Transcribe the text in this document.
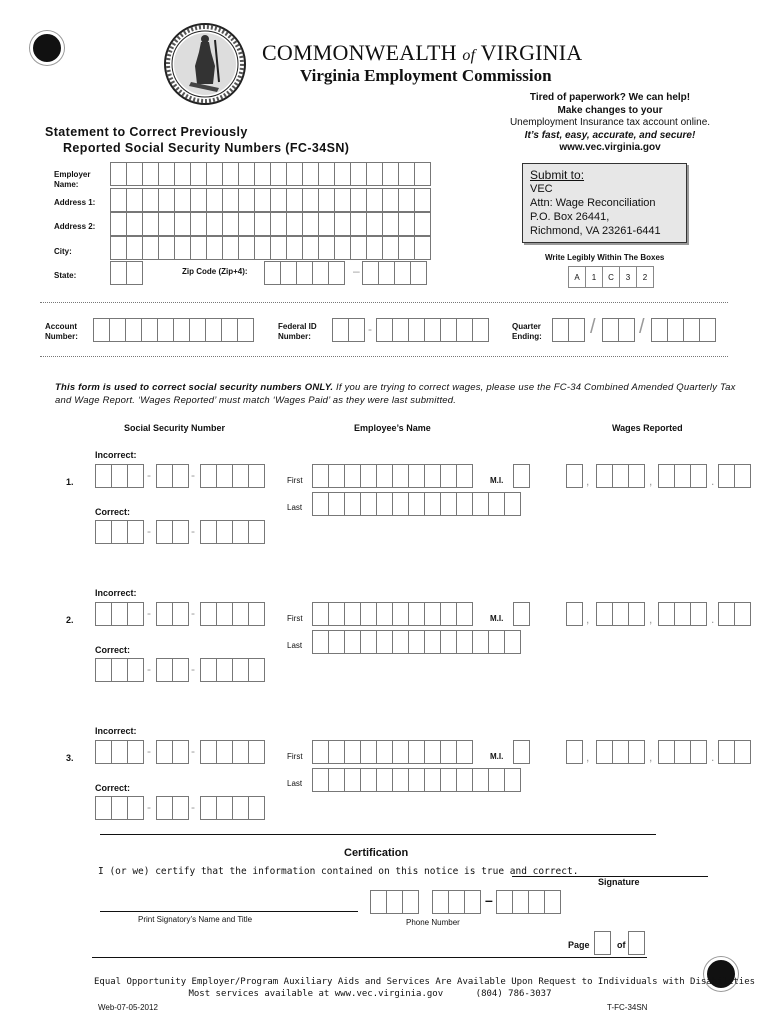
COMMONWEALTH of VIRGINIA
Virginia Employment Commission
Tired of paperwork? We can help!
Make changes to your
Unemployment Insurance tax account online.
It’s fast, easy, accurate, and secure!
www.vec.virginia.gov
Statement to Correct Previously
Reported Social Security Numbers (FC-34SN)
Employer Name:
Address 1:
Address 2:
City:
State:	Zip Code (Zip+4):	–
Submit to:
VEC
Attn: Wage Reconciliation
P.O. Box 26441,
Richmond, VA 23261-6441
Write Legibly Within The Boxes
A	1	C	3	2
Account Number:
Federal ID Number:
-	Quarter Ending:	/ /
This form is used to correct social security numbers ONLY. If you are trying to correct wages, please use the FC-34 Combined Amended Quarterly Tax and Wage Report. ‘Wages Reported’ must match ‘Wages Paid’ as they were last submitted.
Social Security Number	Employee’s Name	Wages Reported
Incorrect:
1.	-	-
Correct:
-	-
First	M.I.
Last
,	,	.
Incorrect:
2.	-	-
Correct:
-	-
First	M.I.
Last
,	,	.
Incorrect:
3.	-	-
Correct:
-	-
First	M.I.
Last
,	,	.
Certification
I (or we) certify that the information contained on this notice is true and correct.
Signature
Print Signatory’s Name and Title
–
Phone Number
Page	of
Equal Opportunity Employer/Program Auxiliary Aids and Services Are Available Upon Request to Individuals with Disabilities
Most services available at www.vec.virginia.gov      (804) 786-3037
Web-07-05-2012	T-FC-34SN
